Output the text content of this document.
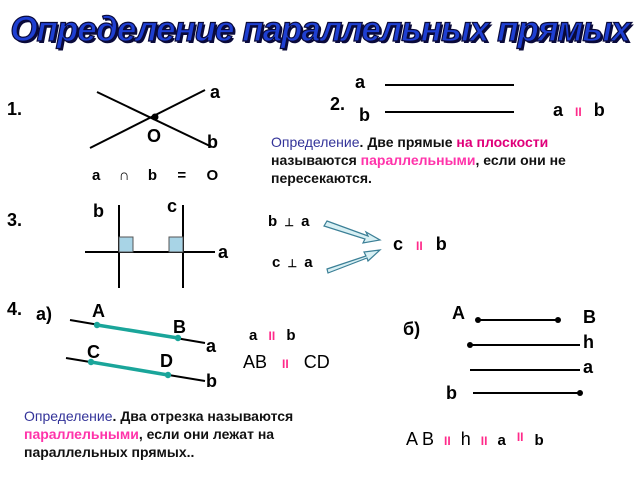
Определение параллельных прямых
1.
a
b
O
a ∩ b = O
2.
a
b	a II b
Определение. Две прямые на плоскости называются параллельными, если они не пересекаются.
3.	b	c
a
b ⊥ a
c ⊥ a
c II b
4. а) A
B
a
C	D
b
a II b
AB II CD
б)
A	B
h
a
b
A B II h II a $^{II}$ b
Определение. Два отрезка называются параллельными, если они лежат на параллельных прямых..
